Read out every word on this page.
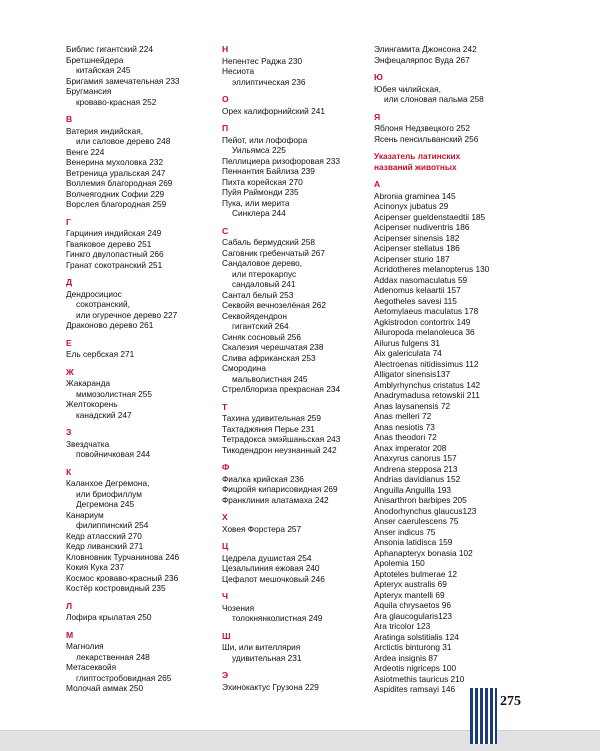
Библис гигантский 224
Бретшнейдера
китайская 245
Бригамия замечательная 233
Бругмансия
кроваво-красная 252
В
Ватерия индийская,
или саловое дерево 248
Венге 224
Венерина мухоловка 232
Ветреница уральская 247
Воллемия благородная 269
Волчеягодник Софии 229
Ворслея благородная 259
Г
Гарциния индийская 249
Гваяковое дерево 251
Гинкго двулопастный 266
Гранат сокотранский 251
Д
Дендросициос
сокотранский,
или огуречное дерево 227
Драконово дерево 261
Е
Ель сербская 271
Ж
Жакаранда
мимозолистная 255
Желтокорень
канадский 247
З
Звездчатка
повойничковая 244
К
Каланхое Дегремона,
или бриофиллум
Дегремона 245
Канариум
филиппинский 254
Кедр атласский 270
Кедр ливанский 271
Кловновник Турчанинова 246
Кокия Кука 237
Космос кроваво-красный 236
Костёр костровидный 235
Л
Лофира крылатая 250
М
Магнолия
лекарственная 248
Метасеквойя
глиптостробовидная 265
Молочай аммак 250
Н
Непентес Раджа 230
Несиота
эллиптическая 236
О
Орех калифорнийский 241
П
Пейот, или лофофора
Уильямса 225
Пеллициера ризофоровая 233
Пеннантия Байлиза 239
Пихта корейская 270
Пуйя Раймонди 235
Пука, или мерита
Синклера 244
С
Сабаль бермудский 258
Саговник гребенчатый 267
Сандаловое дерево,
или птерокарпус
сандаловый 241
Сантал белый 253
Секвойя вечнозелёная 262
Секвойядендрон
гигантский 264
Синяк сосновый 256
Скалезия черешчатая 238
Слива африканская 253
Смородина
мальволистная 245
Стрелблориза прекрасная 234
Т
Тахина удивительная 259
Тахтаджяния Перье 231
Тетрадокса эмэйшаньская 243
Тикодендрон неузнанный 242
Ф
Фиалка крийская 236
Фицройя кипарисовидная 269
Франклиния алатамаха 242
Х
Ховея Форстера 257
Ц
Цедрела душистая 254
Цезальпиния ежовая 240
Цефалот мешочковый 246
Ч
Чозения
толокнянколистная 249
Ш
Ши, или вителлярия
удивительная 231
Э
Эхинокактус Грузона 229
Элингамита Джонсона 242
Энфецалярпос Вуда 267
Ю
Юбея чилийская,
или слоновая пальма 258
Я
Яблоня Недзвецкого 252
Ясень пенсильванский 256
Указатель латинских
названий животных
A
Abronia graminea 145
Acinonyx jubatus 29
Acipenser gueldenstaedtii 185
Acipenser nudiventris 186
Acipenser sinensis 182
Acipenser stellatus 186
Acipenser sturio 187
Acridotheres melanopterus 130
Addax nasomaculatus 59
Adenomus kelaartii 157
Aegotheles savesi 115
Aetomylaeus maculatus 178
Agkistrodon contortrix 149
Ailuropoda melanoleuca 36
Ailurus fulgens 31
Aix galericulata 74
Alectroenas nitidissimus 112
Alligator sinensis137
Amblyrhynchus cristatus 142
Anadrymadusa retowskii 211
Anas laysanensis 72
Anas melleri 72
Anas nesiotis 73
Anas theodori 72
Anax imperator 208
Anaxyrus canorus 157
Andrena stepposa 213
Andrias davidianus 152
Anguilla Anguilla 193
Anisarthron barbipes 205
Anodorhynchus glaucus123
Anser caerulescens 75
Anser indicus 75
Ansonia latidisca 159
Aphanapteryx bonasia 102
Apolemia 150
Aptoteles bulmerae 12
Apteryx australis 69
Apteryx mantelli 69
Aquila chrysaetos 96
Ara glaucogularis123
Ara tricolor 123
Aratinga solstitialis 124
Arctictis binturong 31
Ardea insignis 87
Ardeotis nigriceps 100
Asiotmethis tauricus 210
Aspidites ramsayi 146
275
